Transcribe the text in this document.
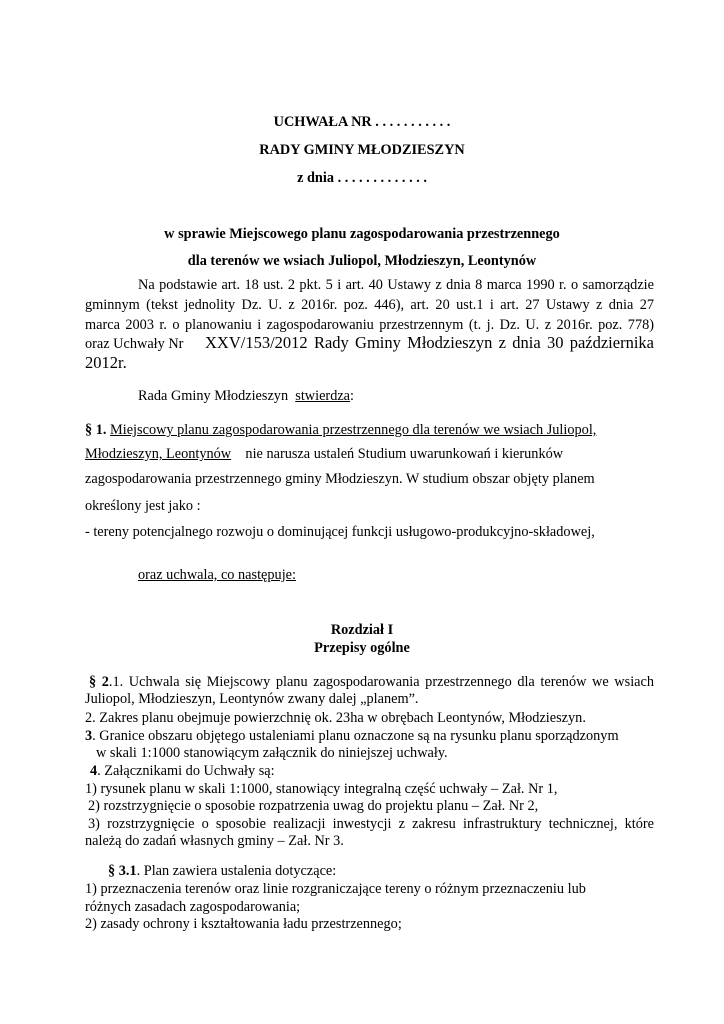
UCHWAŁA NR . . . . . . . . . . .
RADY GMINY MŁODZIESZYN
z dnia . . . . . . . . . . . . .
w sprawie Miejscowego planu zagospodarowania przestrzennego
dla terenów we wsiach Juliopol, Młodzieszyn, Leontynów
Na podstawie art. 18 ust. 2 pkt. 5 i art. 40 Ustawy z dnia 8 marca 1990 r. o samorządzie
gminnym (tekst jednolity Dz. U. z 2016r. poz. 446), art. 20 ust.1 i art. 27 Ustawy z dnia 27
marca 2003 r. o planowaniu i zagospodarowaniu przestrzennym (t. j. Dz. U. z 2016r. poz. 778)
oraz Uchwały Nr XXV/153/2012 Rady Gminy Młodzieszyn z dnia 30 października
2012r.
Rada Gminy Młodzieszyn stwierdza:
§ 1. Miejscowy planu zagospodarowania przestrzennego dla terenów we wsiach Juliopol,
Młodzieszyn, Leontynów nie narusza ustaleń Studium uwarunkowań i kierunków
zagospodarowania przestrzennego gminy Młodzieszyn. W studium obszar objęty planem
określony jest jako :
- tereny potencjalnego rozwoju o dominującej funkcji usługowo-produkcyjno-składowej,
oraz uchwala, co następuje:
Rozdział I
Przepisy ogólne
§ 2.1. Uchwala się Miejscowy planu zagospodarowania przestrzennego dla terenów we wsiach
Juliopol, Młodzieszyn, Leontynów zwany dalej „planem”.
2. Zakres planu obejmuje powierzchnię ok. 23ha w obrębach Leontynów, Młodzieszyn.
3. Granice obszaru objętego ustaleniami planu oznaczone są na rysunku planu sporządzonym
w skali 1:1000 stanowiącym załącznik do niniejszej uchwały.
4. Załącznikami do Uchwały są:
1) rysunek planu w skali 1:1000, stanowiący integralną część uchwały – Zał. Nr 1,
2) rozstrzygnięcie o sposobie rozpatrzenia uwag do projektu planu – Zał. Nr 2,
3) rozstrzygnięcie o sposobie realizacji inwestycji z zakresu infrastruktury technicznej, które
należą do zadań własnych gminy – Zał. Nr 3.
§ 3.1. Plan zawiera ustalenia dotyczące:
1) przeznaczenia terenów oraz linie rozgraniczające tereny o różnym przeznaczeniu lub
różnych zasadach zagospodarowania;
2) zasady ochrony i kształtowania ładu przestrzennego;
